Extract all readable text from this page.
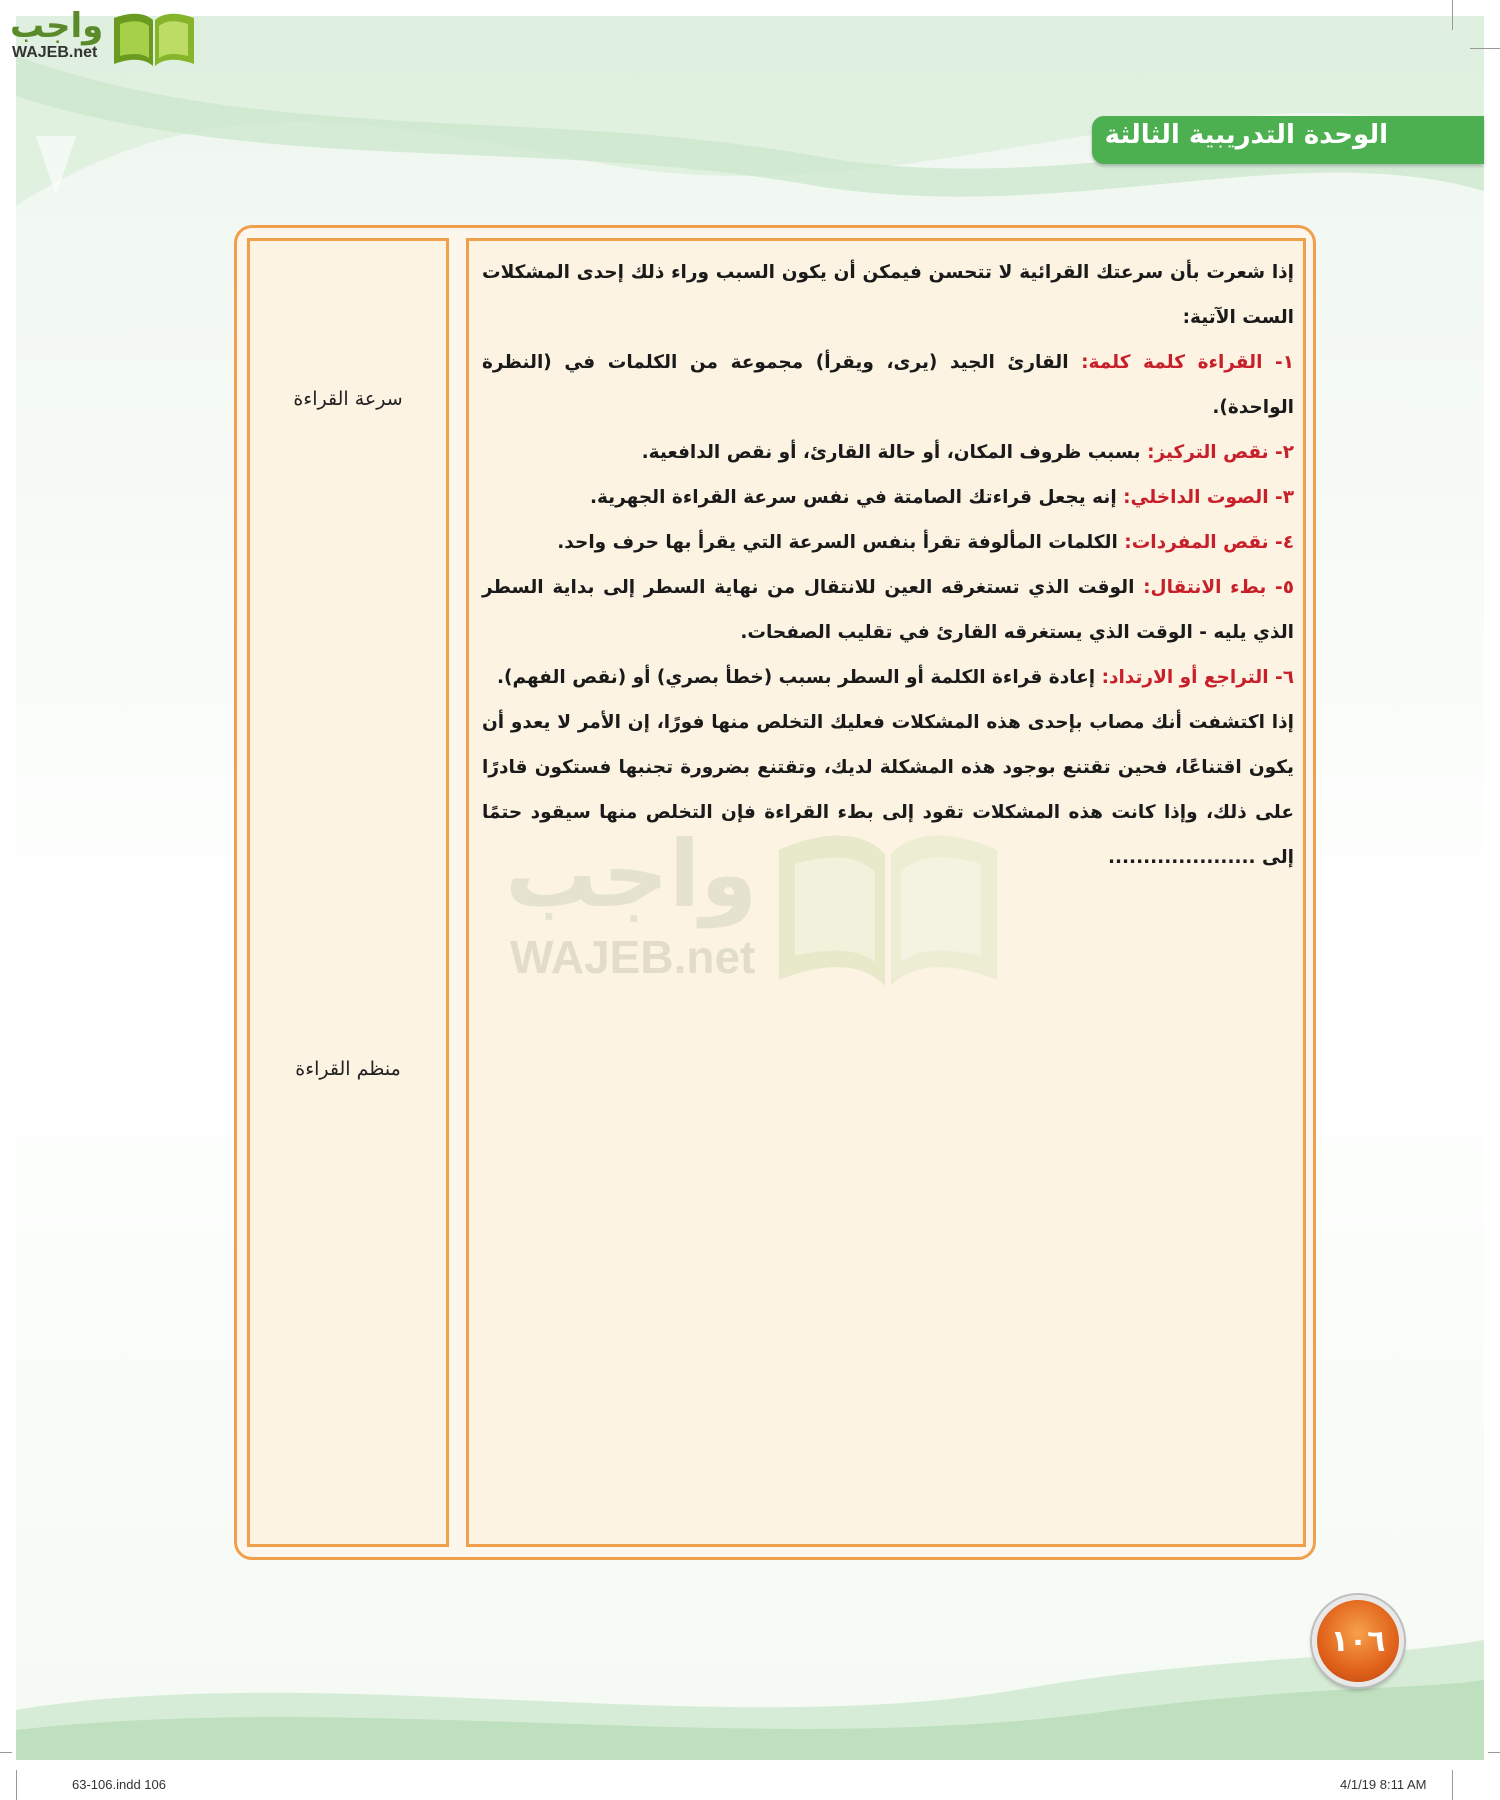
واجب
WAJEB.net
الوحدة التدريبية الثالثة
سرعة القراءة
منظم القراءة
واجب
WAJEB.net

إذا شعرت بأن سرعتك القرائية لا تتحسن فيمكن أن يكون السبب وراء ذلك إحدى المشكلات الست الآتية:

١- القراءة كلمة كلمة: القارئ الجيد (يرى، ويقرأ) مجموعة من الكلمات في (النظرة الواحدة).

٢- نقص التركيز: بسبب ظروف المكان، أو حالة القارئ، أو نقص الدافعية.

٣- الصوت الداخلي: إنه يجعل قراءتك الصامتة في نفس سرعة القراءة الجهرية.

٤- نقص المفردات: الكلمات المألوفة تقرأ بنفس السرعة التي يقرأ بها حرف واحد.

٥- بطء الانتقال: الوقت الذي تستغرقه العين للانتقال من نهاية السطر إلى بداية السطر الذي يليه - الوقت الذي يستغرقه القارئ في تقليب الصفحات.

٦- التراجع أو الارتداد: إعادة قراءة الكلمة أو السطر بسبب (خطأ بصري) أو (نقص الفهم).

إذا اكتشفت أنك مصاب بإحدى هذه المشكلات فعليك التخلص منها فورًا، إن الأمر لا يعدو أن يكون اقتناعًا، فحين تقتنع بوجود هذه المشكلة لديك، وتقتنع بضرورة تجنبها فستكون قادرًا على ذلك، وإذا كانت هذه المشكلات تقود إلى بطء القراءة فإن التخلص منها سيقود حتمًا إلى .....................

١٠٦
63-106.indd 106	4/1/19 8:11 AM
